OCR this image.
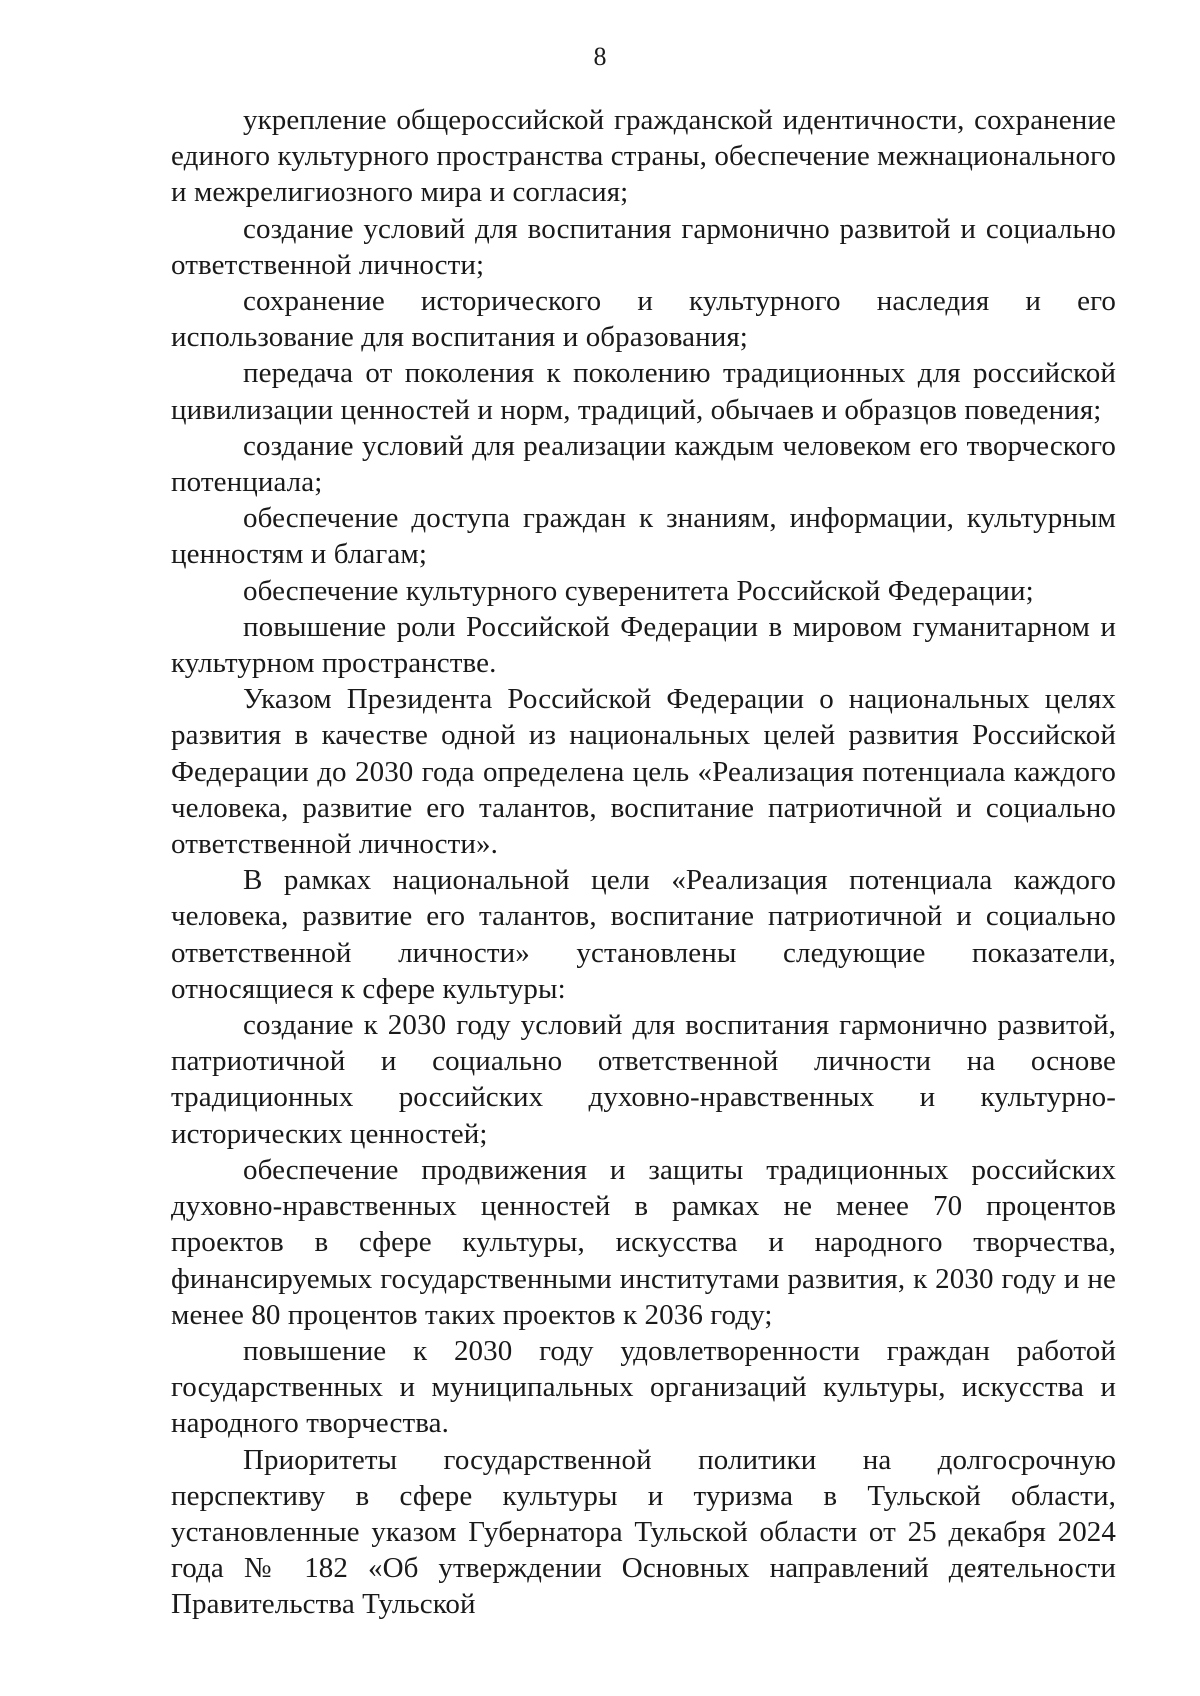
8

укрепление общероссийской гражданской идентичности, сохранение единого культурного пространства страны, обеспечение межнационального и межрелигиозного мира и согласия;

создание условий для воспитания гармонично развитой и социально ответственной личности;

сохранение исторического и культурного наследия и его использование для воспитания и образования;

передача от поколения к поколению традиционных для российской цивилизации ценностей и норм, традиций, обычаев и образцов поведения;

создание условий для реализации каждым человеком его творческого потенциала;

обеспечение доступа граждан к знаниям, информации, культурным ценностям и благам;

обеспечение культурного суверенитета Российской Федерации;

повышение роли Российской Федерации в мировом гуманитарном и культурном пространстве.

Указом Президента Российской Федерации о национальных целях развития в качестве одной из национальных целей развития Российской Федерации до 2030 года определена цель «Реализация потенциала каждого человека, развитие его талантов, воспитание патриотичной и социально ответственной личности».

В рамках национальной цели «Реализация потенциала каждого человека, развитие его талантов, воспитание патриотичной и социально ответственной личности» установлены следующие показатели, относящиеся к сфере культуры:

создание к 2030 году условий для воспитания гармонично развитой, патриотичной и социально ответственной личности на основе традиционных российских духовно-нравственных и культурно-исторических ценностей;

обеспечение продвижения и защиты традиционных российских духовно-нравственных ценностей в рамках не менее 70 процентов проектов в сфере культуры, искусства и народного творчества, финансируемых государственными институтами развития, к 2030 году и не менее 80 процентов таких проектов к 2036 году;

повышение к 2030 году удовлетворенности граждан работой государственных и муниципальных организаций культуры, искусства и народного творчества.

Приоритеты государственной политики на долгосрочную перспективу в сфере культуры и туризма в Тульской области, установленные указом Губернатора Тульской области от 25 декабря 2024 года № 182 «Об утверждении Основных направлений деятельности Правительства Тульской
